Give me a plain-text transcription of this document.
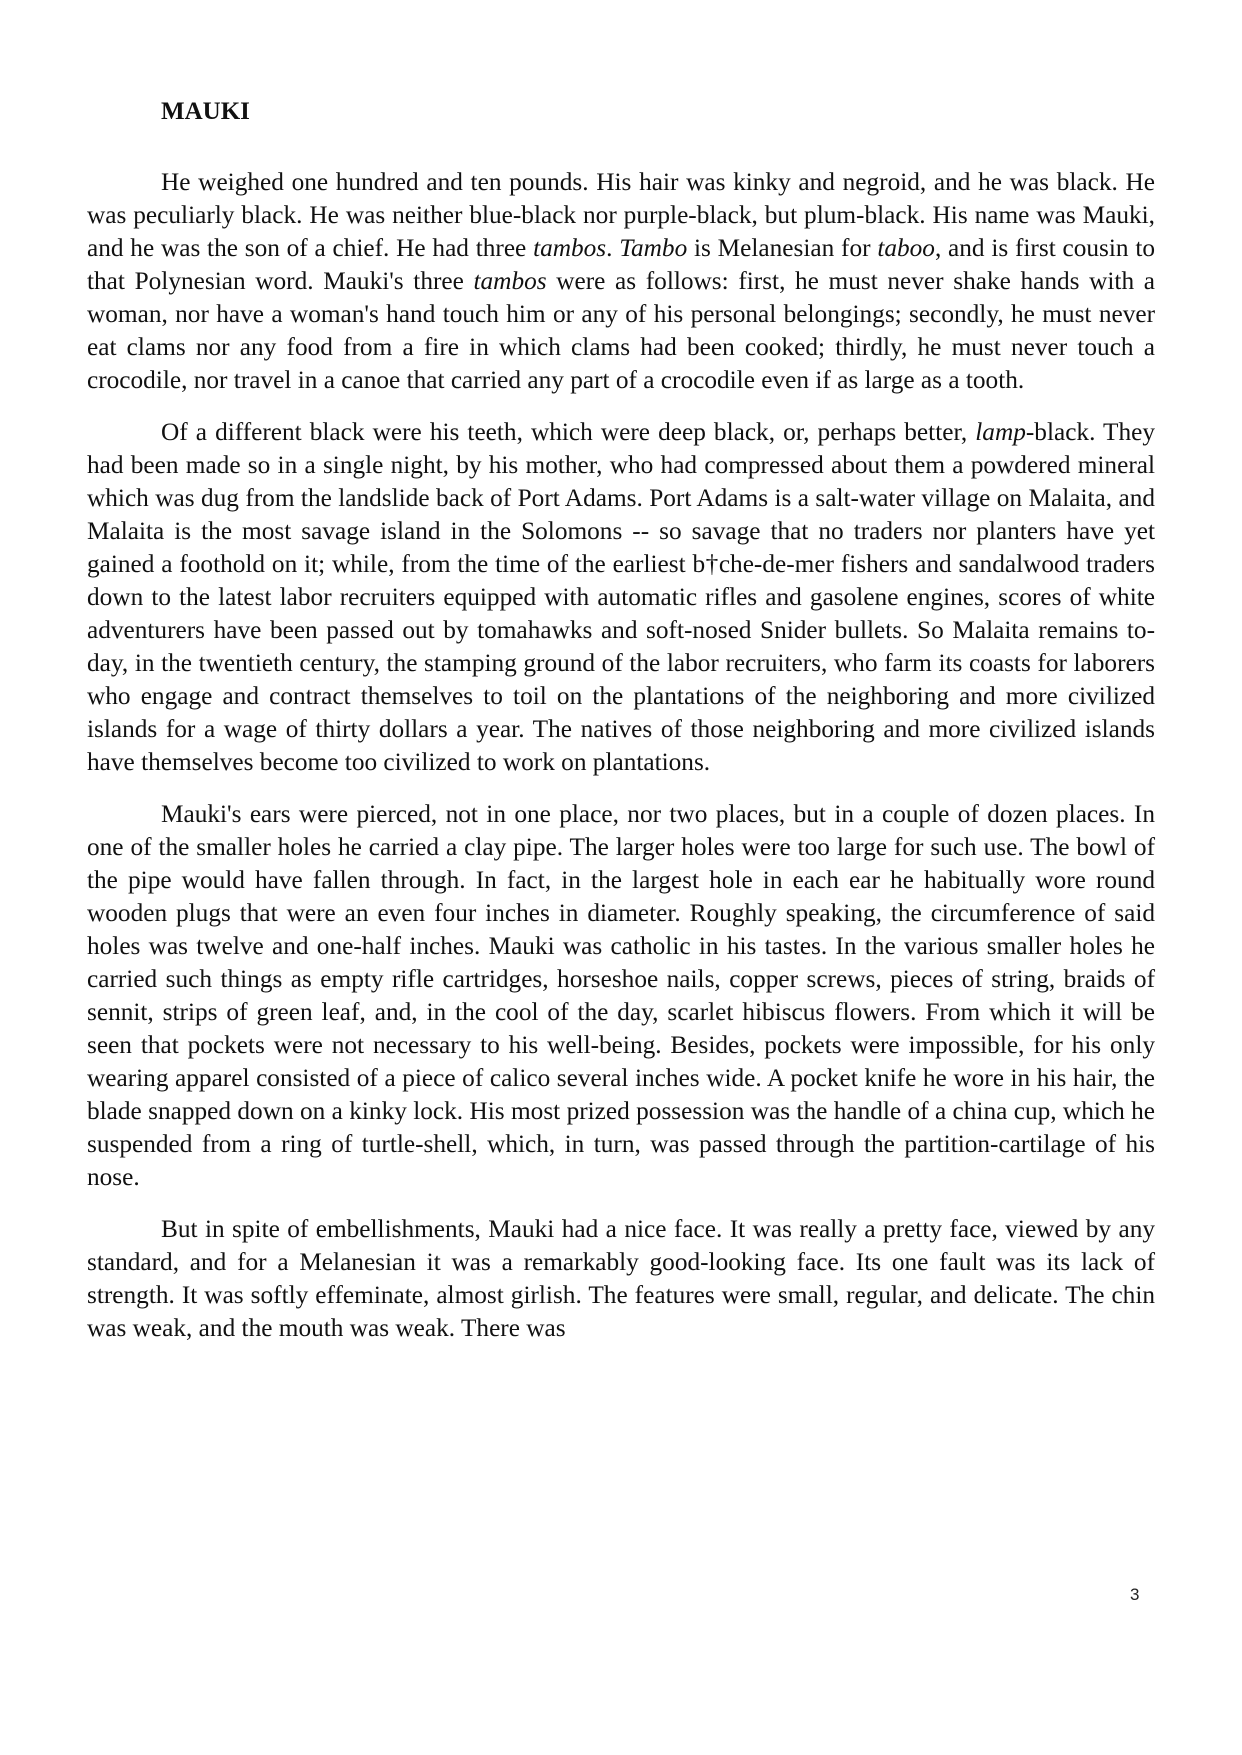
MAUKI

He weighed one hundred and ten pounds. His hair was kinky and negroid, and he was black. He was peculiarly black. He was neither blue-black nor purple-black, but plum-black. His name was Mauki, and he was the son of a chief. He had three tambos. Tambo is Melanesian for taboo, and is first cousin to that Polynesian word. Mauki's three tambos were as follows: first, he must never shake hands with a woman, nor have a woman's hand touch him or any of his personal belongings; secondly, he must never eat clams nor any food from a fire in which clams had been cooked; thirdly, he must never touch a crocodile, nor travel in a canoe that carried any part of a crocodile even if as large as a tooth.

Of a different black were his teeth, which were deep black, or, perhaps better, lamp-black. They had been made so in a single night, by his mother, who had compressed about them a powdered mineral which was dug from the landslide back of Port Adams. Port Adams is a salt-water village on Malaita, and Malaita is the most savage island in the Solomons -- so savage that no traders nor planters have yet gained a foothold on it; while, from the time of the earliest b†che-de-mer fishers and sandalwood traders down to the latest labor recruiters equipped with automatic rifles and gasolene engines, scores of white adventurers have been passed out by tomahawks and soft-nosed Snider bullets. So Malaita remains to-day, in the twentieth century, the stamping ground of the labor recruiters, who farm its coasts for laborers who engage and contract themselves to toil on the plantations of the neighboring and more civilized islands for a wage of thirty dollars a year. The natives of those neighboring and more civilized islands have themselves become too civilized to work on plantations.

Mauki's ears were pierced, not in one place, nor two places, but in a couple of dozen places. In one of the smaller holes he carried a clay pipe. The larger holes were too large for such use. The bowl of the pipe would have fallen through. In fact, in the largest hole in each ear he habitually wore round wooden plugs that were an even four inches in diameter. Roughly speaking, the circumference of said holes was twelve and one-half inches. Mauki was catholic in his tastes. In the various smaller holes he carried such things as empty rifle cartridges, horseshoe nails, copper screws, pieces of string, braids of sennit, strips of green leaf, and, in the cool of the day, scarlet hibiscus flowers. From which it will be seen that pockets were not necessary to his well-being. Besides, pockets were impossible, for his only wearing apparel consisted of a piece of calico several inches wide. A pocket knife he wore in his hair, the blade snapped down on a kinky lock. His most prized possession was the handle of a china cup, which he suspended from a ring of turtle-shell, which, in turn, was passed through the partition-cartilage of his nose.

But in spite of embellishments, Mauki had a nice face. It was really a pretty face, viewed by any standard, and for a Melanesian it was a remarkably good-looking face. Its one fault was its lack of strength. It was softly effeminate, almost girlish. The features were small, regular, and delicate. The chin was weak, and the mouth was weak. There was

3
